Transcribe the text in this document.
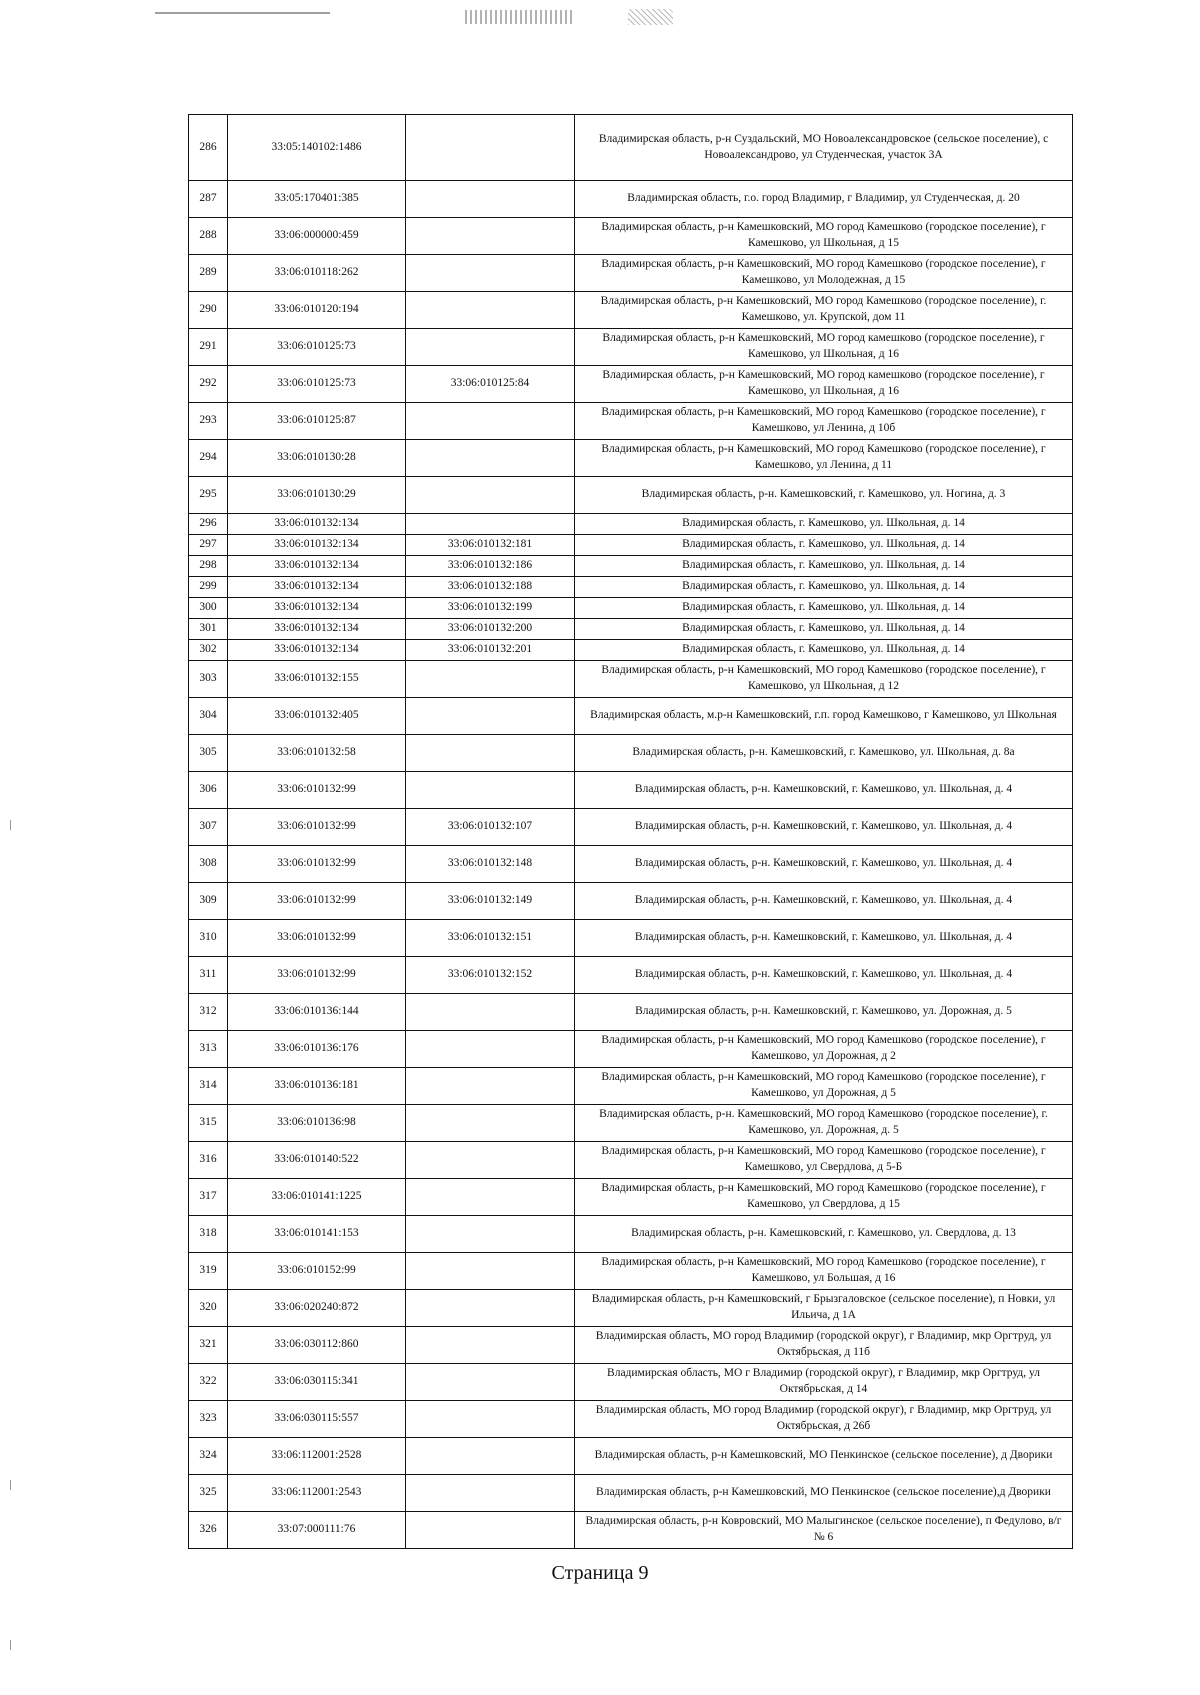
286	33:05:140102:1486		Владимирская область, р-н Суздальский, МО Новоалександровское (сельское поселение), с Новоалександрово, ул Студенческая, участок 3А
287	33:05:170401:385		Владимирская область, г.о. город Владимир, г Владимир, ул Студенческая, д. 20
288	33:06:000000:459		Владимирская область, р-н Камешковский, МО город Камешково (городское поселение), г Камешково, ул Школьная, д 15
289	33:06:010118:262		Владимирская область, р-н Камешковский, МО город Камешково (городское поселение), г Камешково, ул Молодежная, д 15
290	33:06:010120:194		Владимирская область, р-н Камешковский, МО город Камешково (городское поселение), г. Камешково, ул. Крупской, дом 11
291	33:06:010125:73		Владимирская область, р-н Камешковский, МО город камешково (городское поселение), г Камешково, ул Школьная, д 16
292	33:06:010125:73	33:06:010125:84	Владимирская область, р-н Камешковский, МО город камешково (городское поселение), г Камешково, ул Школьная, д 16
293	33:06:010125:87		Владимирская область, р-н Камешковский, МО город Камешково (городское поселение), г Камешково, ул Ленина, д 10б
294	33:06:010130:28		Владимирская область, р-н Камешковский, МО город Камешково (городское поселение), г Камешково, ул Ленина, д 11
295	33:06:010130:29		Владимирская область, р-н. Камешковский, г. Камешково, ул. Ногина, д. 3
296	33:06:010132:134		Владимирская область, г. Камешково, ул. Школьная, д. 14
297	33:06:010132:134	33:06:010132:181	Владимирская область, г. Камешково, ул. Школьная, д. 14
298	33:06:010132:134	33:06:010132:186	Владимирская область, г. Камешково, ул. Школьная, д. 14
299	33:06:010132:134	33:06:010132:188	Владимирская область, г. Камешково, ул. Школьная, д. 14
300	33:06:010132:134	33:06:010132:199	Владимирская область, г. Камешково, ул. Школьная, д. 14
301	33:06:010132:134	33:06:010132:200	Владимирская область, г. Камешково, ул. Школьная, д. 14
302	33:06:010132:134	33:06:010132:201	Владимирская область, г. Камешково, ул. Школьная, д. 14
303	33:06:010132:155		Владимирская область, р-н Камешковский, МО город Камешково (городское поселение), г Камешково, ул Школьная, д 12
304	33:06:010132:405		Владимирская область, м.р-н Камешковский, г.п. город Камешково, г Камешково, ул Школьная
305	33:06:010132:58		Владимирская область, р-н. Камешковский, г. Камешково, ул. Школьная, д. 8а
306	33:06:010132:99		Владимирская область, р-н. Камешковский, г. Камешково, ул. Школьная, д. 4
307	33:06:010132:99	33:06:010132:107	Владимирская область, р-н. Камешковский, г. Камешково, ул. Школьная, д. 4
308	33:06:010132:99	33:06:010132:148	Владимирская область, р-н. Камешковский, г. Камешково, ул. Школьная, д. 4
309	33:06:010132:99	33:06:010132:149	Владимирская область, р-н. Камешковский, г. Камешково, ул. Школьная, д. 4
310	33:06:010132:99	33:06:010132:151	Владимирская область, р-н. Камешковский, г. Камешково, ул. Школьная, д. 4
311	33:06:010132:99	33:06:010132:152	Владимирская область, р-н. Камешковский, г. Камешково, ул. Школьная, д. 4
312	33:06:010136:144		Владимирская область, р-н. Камешковский, г. Камешково, ул. Дорожная, д. 5
313	33:06:010136:176		Владимирская область, р-н Камешковский, МО город Камешково (городское поселение), г Камешково, ул Дорожная, д 2
314	33:06:010136:181		Владимирская область, р-н Камешковский, МО город Камешково (городское поселение), г Камешково, ул Дорожная, д 5
315	33:06:010136:98		Владимирская область, р-н. Камешковский, МО город Камешково (городское поселение), г. Камешково, ул. Дорожная, д. 5
316	33:06:010140:522		Владимирская область, р-н Камешковский, МО город Камешково (городское поселение), г Камешково, ул Свердлова, д 5-Б
317	33:06:010141:1225		Владимирская область, р-н Камешковский, МО город Камешково (городское поселение), г Камешково, ул Свердлова, д 15
318	33:06:010141:153		Владимирская область, р-н. Камешковский, г. Камешково, ул. Свердлова, д. 13
319	33:06:010152:99		Владимирская область, р-н Камешковский, МО город Камешково (городское поселение), г Камешково, ул Большая, д 16
320	33:06:020240:872		Владимирская область, р-н Камешковский, г Брызгаловское (сельское поселение), п Новки, ул Ильича, д 1А
321	33:06:030112:860		Владимирская область, МО город Владимир (городской округ), г Владимир, мкр Оргтруд, ул Октябрьская, д 11б
322	33:06:030115:341		Владимирская область, МО г Владимир (городской округ), г Владимир, мкр Оргтруд, ул Октябрьская, д 14
323	33:06:030115:557		Владимирская область, МО город Владимир (городской округ), г Владимир, мкр Оргтруд, ул Октябрьская, д 26б
324	33:06:112001:2528		Владимирская область, р-н Камешковский, МО Пенкинское (сельское поселение), д Дворики
325	33:06:112001:2543		Владимирская область, р-н Камешковский, МО Пенкинское (сельское поселение),д Дворики
326	33:07:000111:76		Владимирская область, р-н Ковровский, МО Малыгинское (сельское поселение), п Федулово, в/г № 6
Страница 9
